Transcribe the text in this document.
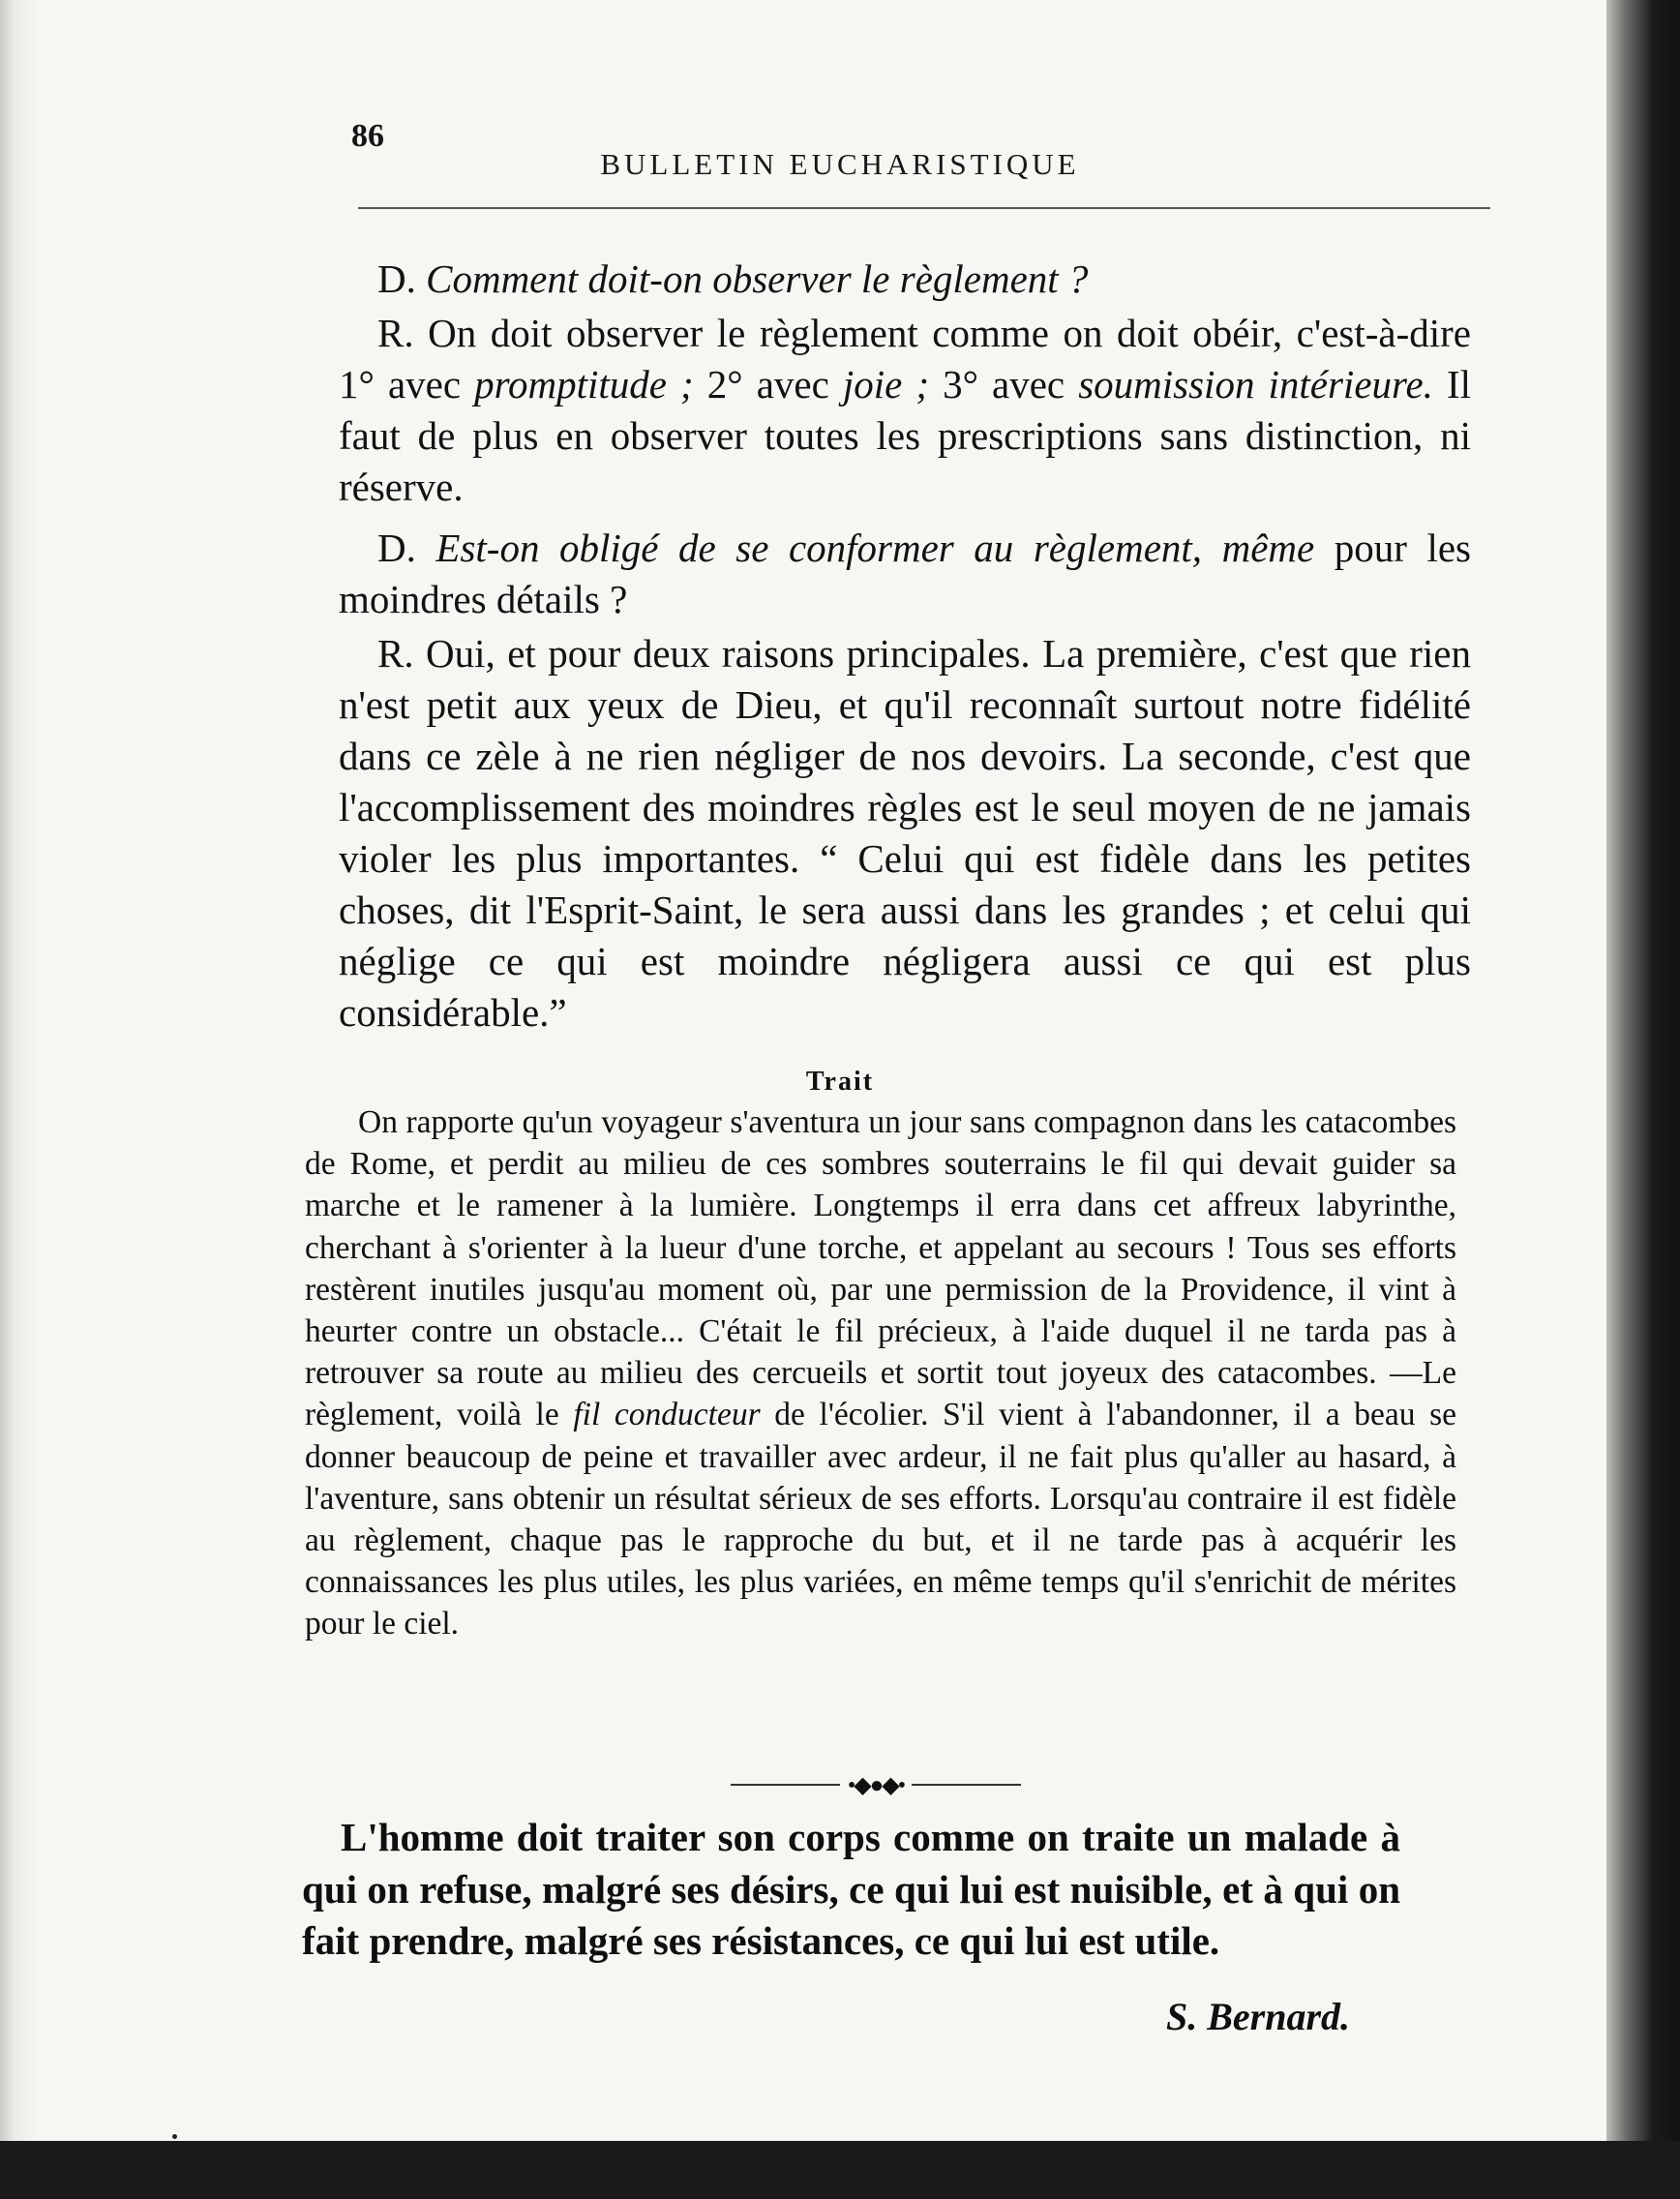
86
BULLETIN EUCHARISTIQUE

D. Comment doit-on observer le règlement ?

R. On doit observer le règlement comme on doit obéir, c'est-à-dire 1° avec promptitude ; 2° avec joie ; 3° avec soumission intérieure. Il faut de plus en observer toutes les prescriptions sans distinction, ni réserve.

D. Est-on obligé de se conformer au règlement, même pour les moindres détails ?

R. Oui, et pour deux raisons principales. La première, c'est que rien n'est petit aux yeux de Dieu, et qu'il reconnaît surtout notre fidélité dans ce zèle à ne rien négliger de nos devoirs. La seconde, c'est que l'accomplissement des moindres règles est le seul moyen de ne jamais violer les plus importantes. “ Celui qui est fidèle dans les petites choses, dit l'Esprit-Saint, le sera aussi dans les grandes ; et celui qui néglige ce qui est moindre négligera aussi ce qui est plus considérable.”

Trait
On rapporte qu'un voyageur s'aventura un jour sans compagnon dans les catacombes de Rome, et perdit au milieu de ces sombres souterrains le fil qui devait guider sa marche et le ramener à la lumière. Longtemps il erra dans cet affreux labyrinthe, cherchant à s'orienter à la lueur d'une torche, et appelant au secours ! Tous ses efforts restèrent inutiles jusqu'au moment où, par une permission de la Providence, il vint à heurter contre un obstacle... C'était le fil précieux, à l'aide duquel il ne tarda pas à retrouver sa route au milieu des cercueils et sortit tout joyeux des catacombes. —Le règlement, voilà le fil conducteur de l'écolier. S'il vient à l'abandonner, il a beau se donner beaucoup de peine et travailler avec ardeur, il ne fait plus qu'aller au hasard, à l'aventure, sans obtenir un résultat sérieux de ses efforts. Lorsqu'au contraire il est fidèle au règlement, chaque pas le rapproche du but, et il ne tarde pas à acquérir les connaissances les plus utiles, les plus variées, en même temps qu'il s'enrichit de mérites pour le ciel.
•◆●◆•
L'homme doit traiter son corps comme on traite un malade à qui on refuse, malgré ses désirs, ce qui lui est nuisible, et à qui on fait prendre, malgré ses résistances, ce qui lui est utile.
S. Bernard.
